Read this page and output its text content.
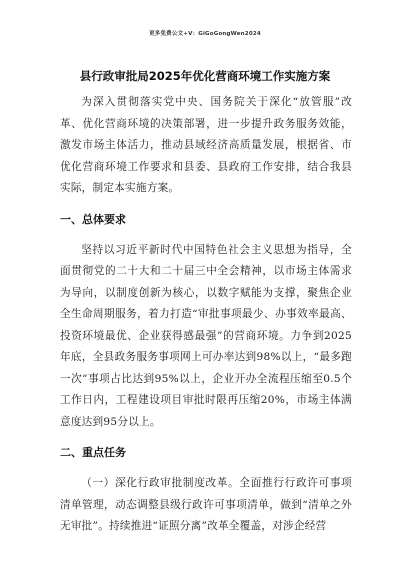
更多免费公文+V：GiGoGongWen2024
县行政审批局2025年优化营商环境工作实施方案

为深入贯彻落实党中央、国务院关于深化“放管服”改革、优化营商环境的决策部署，进一步提升政务服务效能，激发市场主体活力，推动县域经济高质量发展，根据省、市优化营商环境工作要求和县委、县政府工作安排，结合我县实际，制定本实施方案。

一、总体要求

坚持以习近平新时代中国特色社会主义思想为指导，全面贯彻党的二十大和二十届三中全会精神，以市场主体需求为导向，以制度创新为核心，以数字赋能为支撑，聚焦企业全生命周期服务，着力打造“审批事项最少、办事效率最高、投资环境最优、企业获得感最强”的营商环境。力争到2025年底，全县政务服务事项网上可办率达到98%以上，“最多跑一次”事项占比达到95%以上，企业开办全流程压缩至0.5个工作日内，工程建设项目审批时限再压缩20%，市场主体满意度达到95分以上。

二、重点任务

（一）深化行政审批制度改革。全面推行行政许可事项清单管理，动态调整县级行政许可事项清单，做到“清单之外无审批”。持续推进“证照分离”改革全覆盖，对涉企经营
